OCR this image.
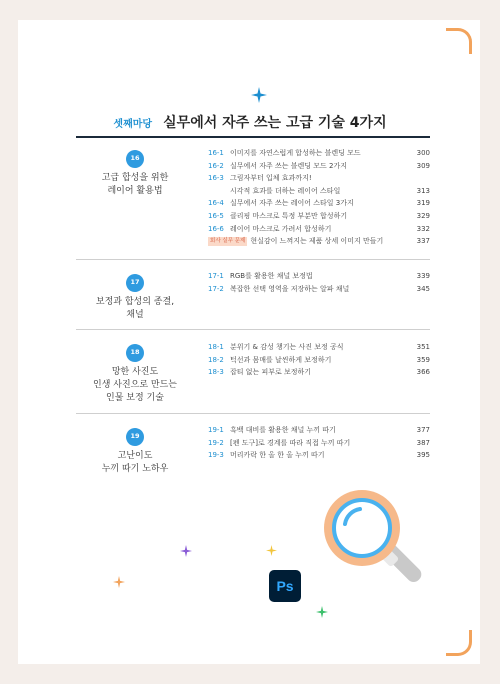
셋째마당 실무에서 자주 쓰는 고급 기술 4가지
16
고급 합성을 위한
레이어 활용법
16-1 이미지를 자연스럽게 합성하는 블렌딩 모드	300
16-2 실무에서 자주 쓰는 블렌딩 모드 2가지	309
16-3 그림자부터 입체 효과까지!
시각적 효과를 더하는 레이어 스타일	313
16-4 실무에서 자주 쓰는 레이어 스타일 3가지	319
16-5 클리핑 마스크로 특정 부분만 합성하기	329
16-6 레이어 마스크로 가려서 합성하기	332
회사 실무 문제 현실감이 느껴지는 제품 상세 이미지 만들기	337
17
보정과 합성의 종결,
채널
17-1 RGB를 활용한 채널 보정법	339
17-2 복잡한 선택 영역을 저장하는 알파 채널	345
18
망한 사진도
인생 사진으로 만드는
인물 보정 기술
18-1 분위기 & 감성 챙기는 사진 보정 공식	351
18-2 턱선과 몸매를 날씬하게 보정하기	359
18-3 잡티 없는 피부로 보정하기	366
19
고난이도
누끼 따기 노하우
19-1 흑백 대비를 활용한 채널 누끼 따기	377
19-2 [펜 도구]로 경계를 따라 직접 누끼 따기	387
19-3 머리카락 한 올 한 올 누끼 따기	395
Ps
